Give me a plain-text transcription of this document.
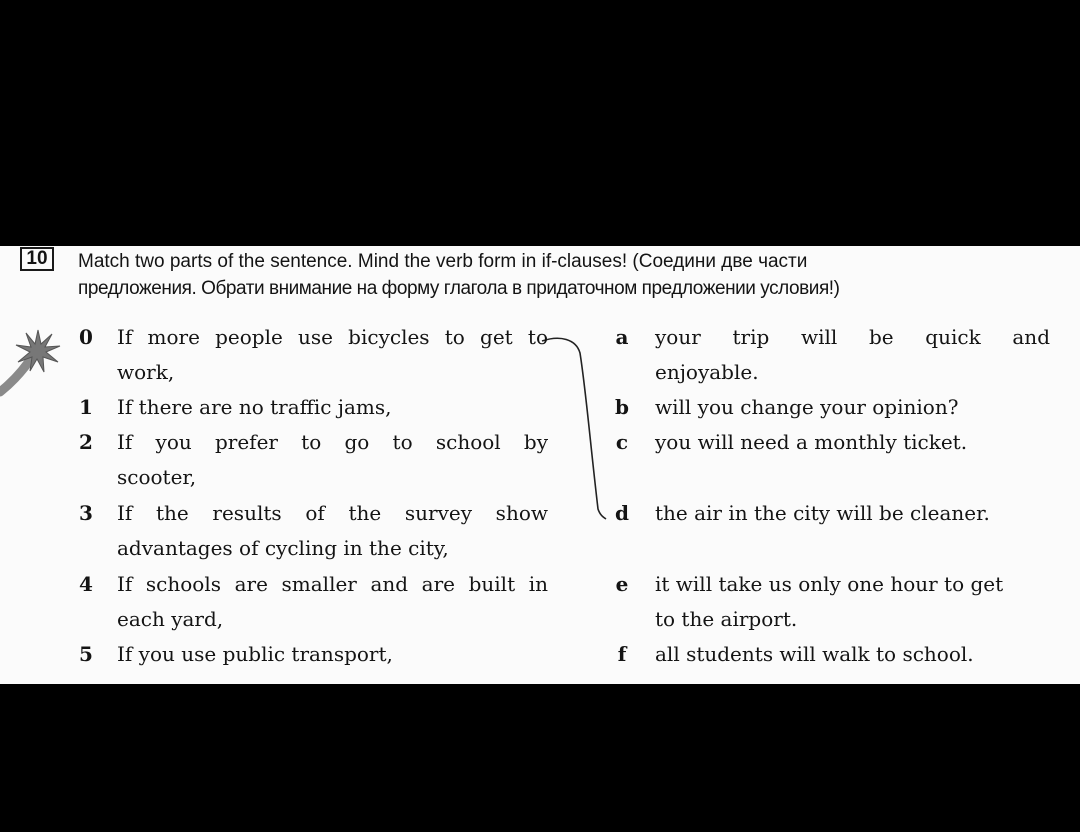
10	Match two parts of the sentence. Mind the verb form in if-clauses! (Соедини две части
предложения. Обрати внимание на форму глагола в придаточном предложении условия!)
0 If more people use bicycles to get to
work,
1 If there are no traffic jams,
2 If you prefer to go to school by
scooter,
3 If the results of the survey show
advantages of cycling in the city,
4 If schools are smaller and are built in
each yard,
5 If you use public transport,
a your trip will be quick and
enjoyable.
b will you change your opinion?
c you will need a monthly ticket.
d the air in the city will be cleaner.
e it will take us only one hour to get
to the airport.
f all students will walk to school.
